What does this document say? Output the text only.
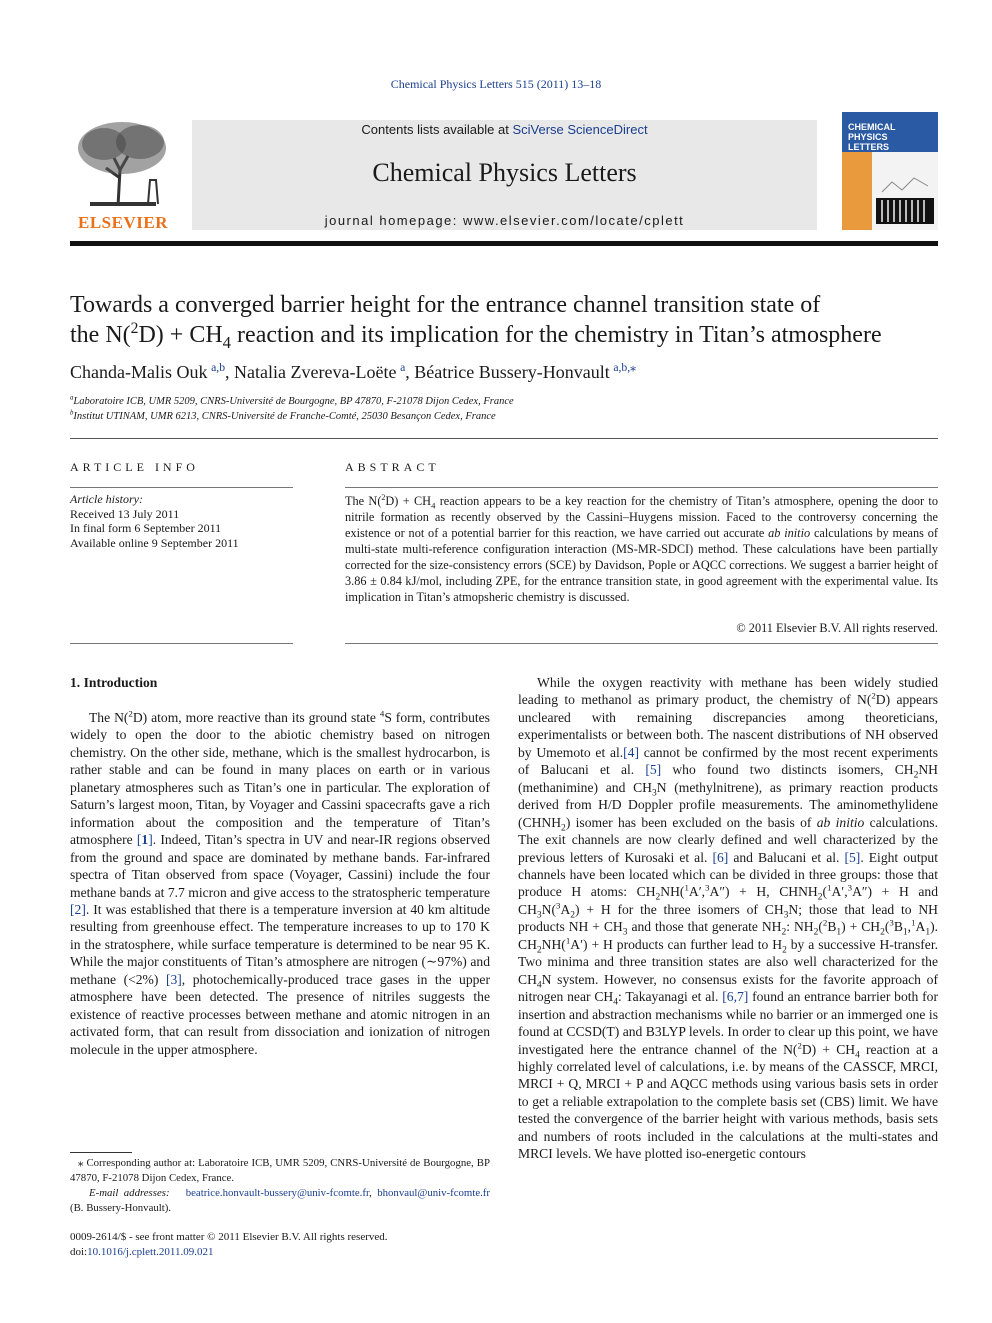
Chemical Physics Letters 515 (2011) 13–18
ELSEVIER
Contents lists available at SciVerse ScienceDirect
Chemical Physics Letters
journal homepage: www.elsevier.com/locate/cplett
CHEMICAL
PHYSICS
LETTERS
Towards a converged barrier height for the entrance channel transition state of
the $N(^2D) + CH_4$ reaction and its implication for the chemistry in Titan’s atmosphere
Chanda-Malis Ouk  $^{a,b}$, Natalia Zvereva-Loëte  $^a$, Béatrice Bussery-Honvault  $^{a,b,⁎}$
$^a$Laboratoire ICB, UMR 5209, CNRS-Université de Bourgogne, BP 47870, F-21078 Dijon Cedex, France
$^b$Institut UTINAM, UMR 6213, CNRS-Université de Franche-Comté, 25030 Besançon Cedex, France
ARTICLE INFO	ABSTRACT
Article history:
Received 13 July 2011
In final form 6 September 2011
Available online 9 September 2011
The $N(^2D) + CH_4$ reaction appears to be a key reaction for the chemistry of Titan’s atmosphere, opening the door to nitrile formation as recently observed by the Cassini–Huygens mission. Faced to the controversy concerning the existence or not of a potential barrier for this reaction, we have carried out accurate ab initio calculations by means of multi-state multi-reference configuration interaction (MS-MR-SDCI) method. These calculations have been partially corrected for the size-consistency errors (SCE) by Davidson, Pople or AQCC corrections. We suggest a barrier height of 3.86 ± 0.84 kJ/mol, including ZPE, for the entrance transition state, in good agreement with the experimental value. Its implication in Titan’s atmopsheric chemistry is discussed.
© 2011 Elsevier B.V. All rights reserved.
1. Introduction

The N($^2$D) atom, more reactive than its ground state $^4$S form, contributes widely to open the door to the abiotic chemistry based on nitrogen chemistry. On the other side, methane, which is the smallest hydrocarbon, is rather stable and can be found in many places on earth or in various planetary atmospheres such as Titan’s one in particular. The exploration of Saturn’s largest moon, Titan, by Voyager and Cassini spacecrafts gave a rich information about the composition and the temperature of Titan’s atmosphere [1]. Indeed, Titan’s spectra in UV and near-IR regions observed from the ground and space are dominated by methane bands. Far-infrared spectra of Titan observed from space (Voyager, Cassini) include the four methane bands at 7.7 micron and give access to the stratospheric temperature [2]. It was established that there is a temperature inversion at 40 km altitude resulting from greenhouse effect. The temperature increases to up to 170 K in the stratosphere, while surface temperature is determined to be near 95 K. While the major constituents of Titan’s atmosphere are nitrogen (∼97%) and methane (<2%) [3], photochemically-produced trace gases in the upper atmosphere have been detected. The presence of nitriles suggests the existence of reactive processes between methane and atomic nitrogen in an activated form, that can result from dissociation and ionization of nitrogen molecule in the upper atmosphere.

While the oxygen reactivity with methane has been widely studied leading to methanol as primary product, the chemistry of N($^2$D) appears uncleared with remaining discrepancies among theoreticians, experimentalists or between both. The nascent distributions of NH observed by Umemoto et al.[4] cannot be confirmed by the most recent experiments of Balucani et al. [5] who found two distincts isomers, $CH_2NH$ (methanimine) and $CH_3N$ (methylnitrene), as primary reaction products derived from H/D Doppler profile measurements. The aminomethylidene $(CHNH_2)$ isomer has been excluded on the basis of ab initio calculations. The exit channels are now clearly defined and well characterized by the previous letters of Kurosaki et al. [6] and Balucani et al. [5]. Eight output channels have been located which can be divided in three groups: those that produce H atoms: $CH_2NH(^1A',^3A'') + H$, $CHNH_2(^1A',^3A'') + H$ and $CH_3N(^3A_2) + H$ for the three isomers of $CH_3N$; those that lead to NH products NH + $CH_3$ and those that generate $NH_2$: $NH_2(^2B_1) + CH_2(^3B_1,^1A_1)$. $CH_2NH(^1A') + H$ products can further lead to $H_2$ by a successive H-transfer. Two minima and three transition states are also well characterized for the $CH_4N$ system. However, no consensus exists for the favorite approach of nitrogen near $CH_4$: Takayanagi et al. [6,7] found an entrance barrier both for insertion and abstraction mechanisms while no barrier or an immerged one is found at CCSD(T) and B3LYP levels. In order to clear up this point, we have investigated here the entrance channel of the $N(^2D) + CH_4$ reaction at a highly correlated level of calculations, i.e. by means of the CASSCF, MRCI, MRCI + Q, MRCI + P and AQCC methods using various basis sets in order to get a reliable extrapolation to the complete basis set (CBS) limit. We have tested the convergence of the barrier height with various methods, basis sets and numbers of roots included in the calculations at the multi-states and MRCI levels. We have plotted iso-energetic contours

⁎ Corresponding author at: Laboratoire ICB, UMR 5209, CNRS-Université de Bourgogne, BP 47870, F-21078 Dijon Cedex, France.
E-mail addresses: beatrice.honvault-bussery@univ-fcomte.fr, bhonvaul@univ-fcomte.fr (B. Bussery-Honvault).
0009-2614/$ - see front matter © 2011 Elsevier B.V. All rights reserved.
doi:10.1016/j.cplett.2011.09.021
